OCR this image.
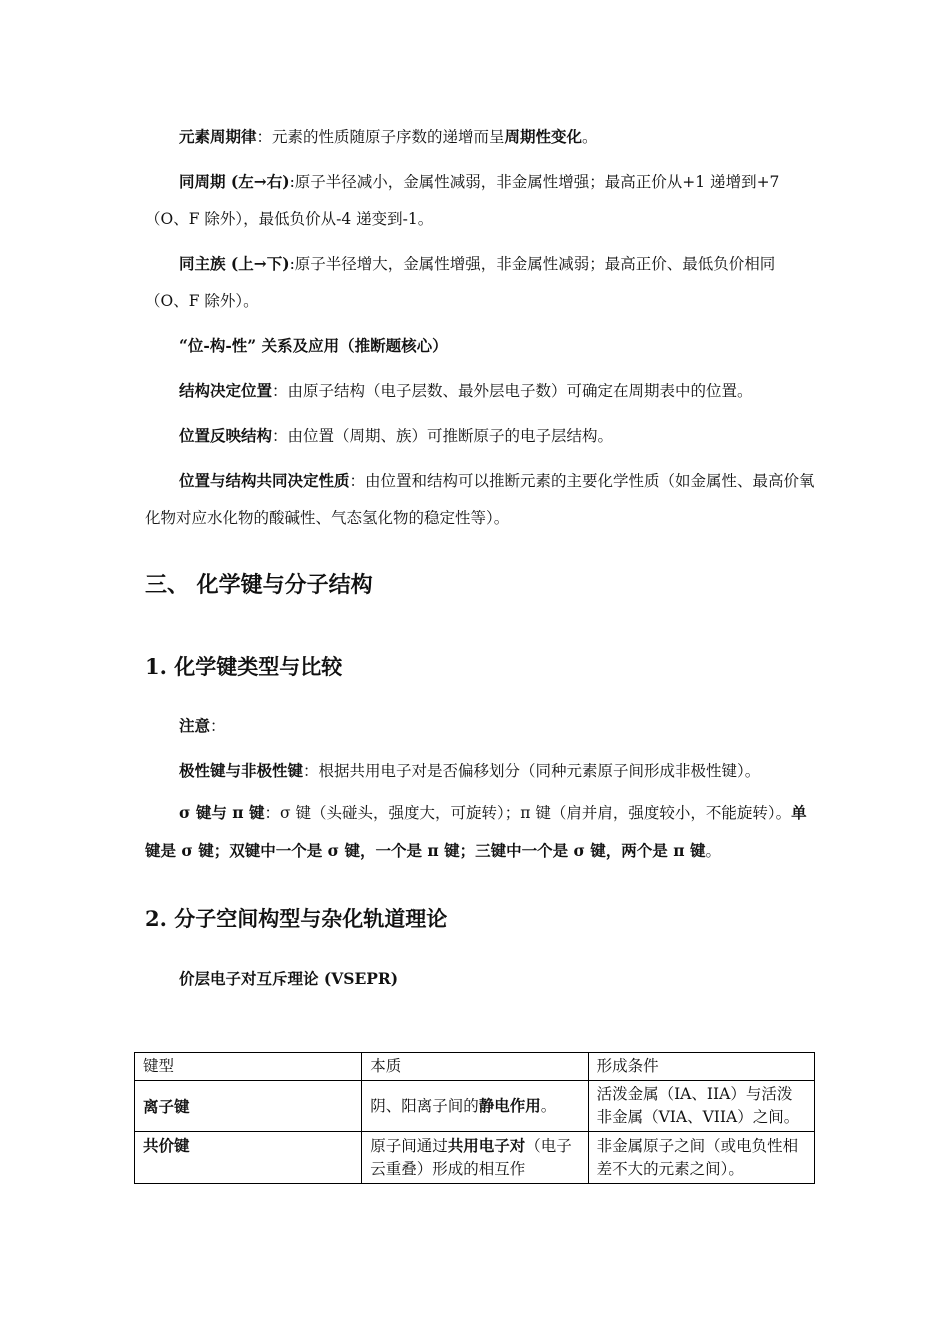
元素周期律：元素的性质随原子序数的递增而呈周期性变化。

同周期 (左→右):原子半径减小，金属性减弱，非金属性增强；最高正价从+1 递增到+7（O、F 除外），最低负价从-4 递变到-1。

同主族 (上→下):原子半径增大，金属性增强，非金属性减弱；最高正价、最低负价相同（O、F 除外）。

“位-构-性” 关系及应用（推断题核心）

结构决定位置：由原子结构（电子层数、最外层电子数）可确定在周期表中的位置。

位置反映结构：由位置（周期、族）可推断原子的电子层结构。

位置与结构共同决定性质：由位置和结构可以推断元素的主要化学性质（如金属性、最高价氧化物对应水化物的酸碱性、气态氢化物的稳定性等）。

三、 化学键与分子结构
1. 化学键类型与比较

注意：

极性键与非极性键：根据共用电子对是否偏移划分（同种元素原子间形成非极性键）。

σ 键与 π 键：σ 键（头碰头，强度大，可旋转）；π 键（肩并肩，强度较小，不能旋转）。单键是 σ 键；双键中一个是 σ 键，一个是 π 键；三键中一个是 σ 键，两个是 π 键。

2. 分子空间构型与杂化轨道理论

价层电子对互斥理论 (VSEPR)

键型	本质	形成条件
离子键	阴、阳离子间的静电作用。	活泼金属（IA、IIA）与活泼非金属（VIA、VIIA）之间。
共价键	原子间通过共用电子对（电子云重叠）形成的相互作	非金属原子之间（或电负性相差不大的元素之间）。
